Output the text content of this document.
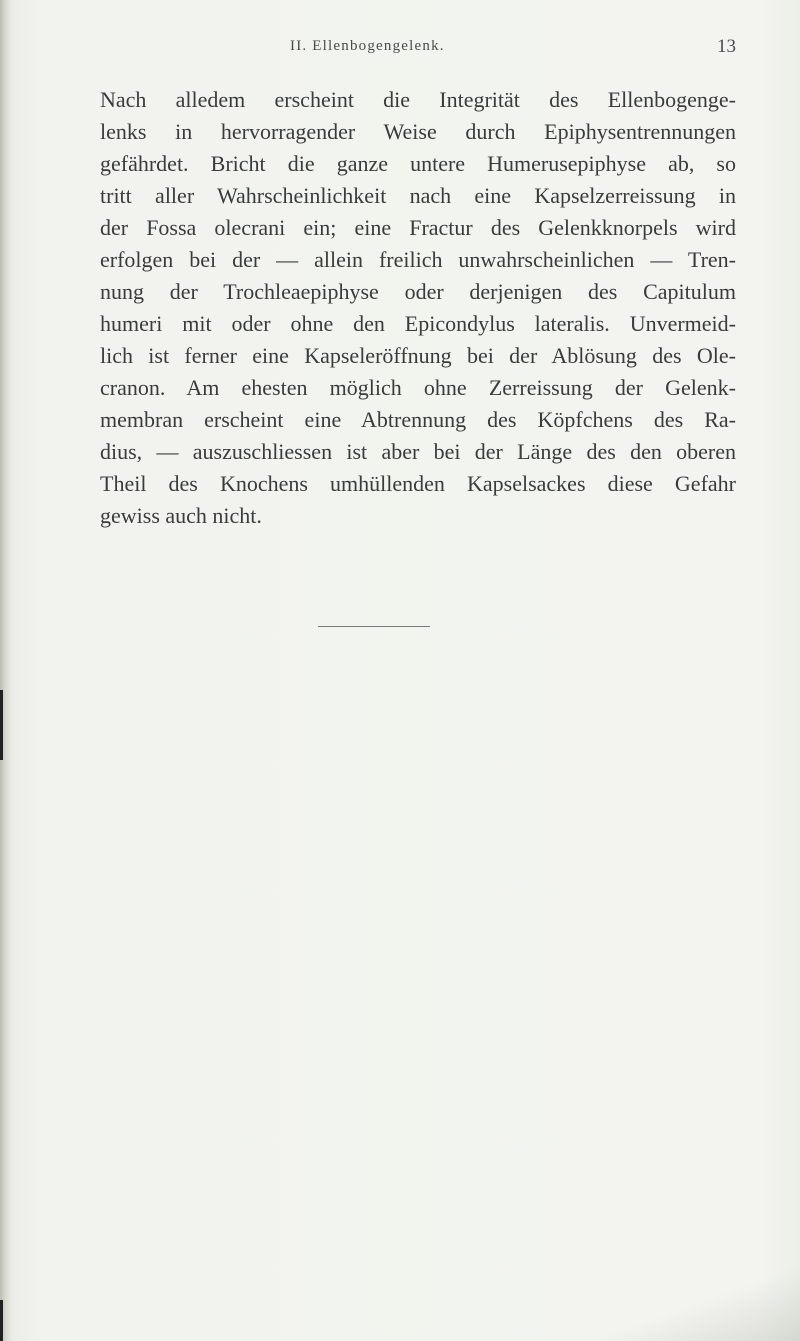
II. Ellenbogengelenk.	13
Nach alledem erscheint die Integrität des Ellenbogenge-
lenks in hervorragender Weise durch Epiphysentrennungen
gefährdet. Bricht die ganze untere Humerusepiphyse ab, so
tritt aller Wahrscheinlichkeit nach eine Kapselzerreissung in
der Fossa olecrani ein; eine Fractur des Gelenkknorpels wird
erfolgen bei der — allein freilich unwahrscheinlichen — Tren-
nung der Trochleaepiphyse oder derjenigen des Capitulum
humeri mit oder ohne den Epicondylus lateralis. Unvermeid-
lich ist ferner eine Kapseleröffnung bei der Ablösung des Ole-
cranon. Am ehesten möglich ohne Zerreissung der Gelenk-
membran erscheint eine Abtrennung des Köpfchens des Ra-
dius, — auszuschliessen ist aber bei der Länge des den oberen
Theil des Knochens umhüllenden Kapselsackes diese Gefahr
gewiss auch nicht.
